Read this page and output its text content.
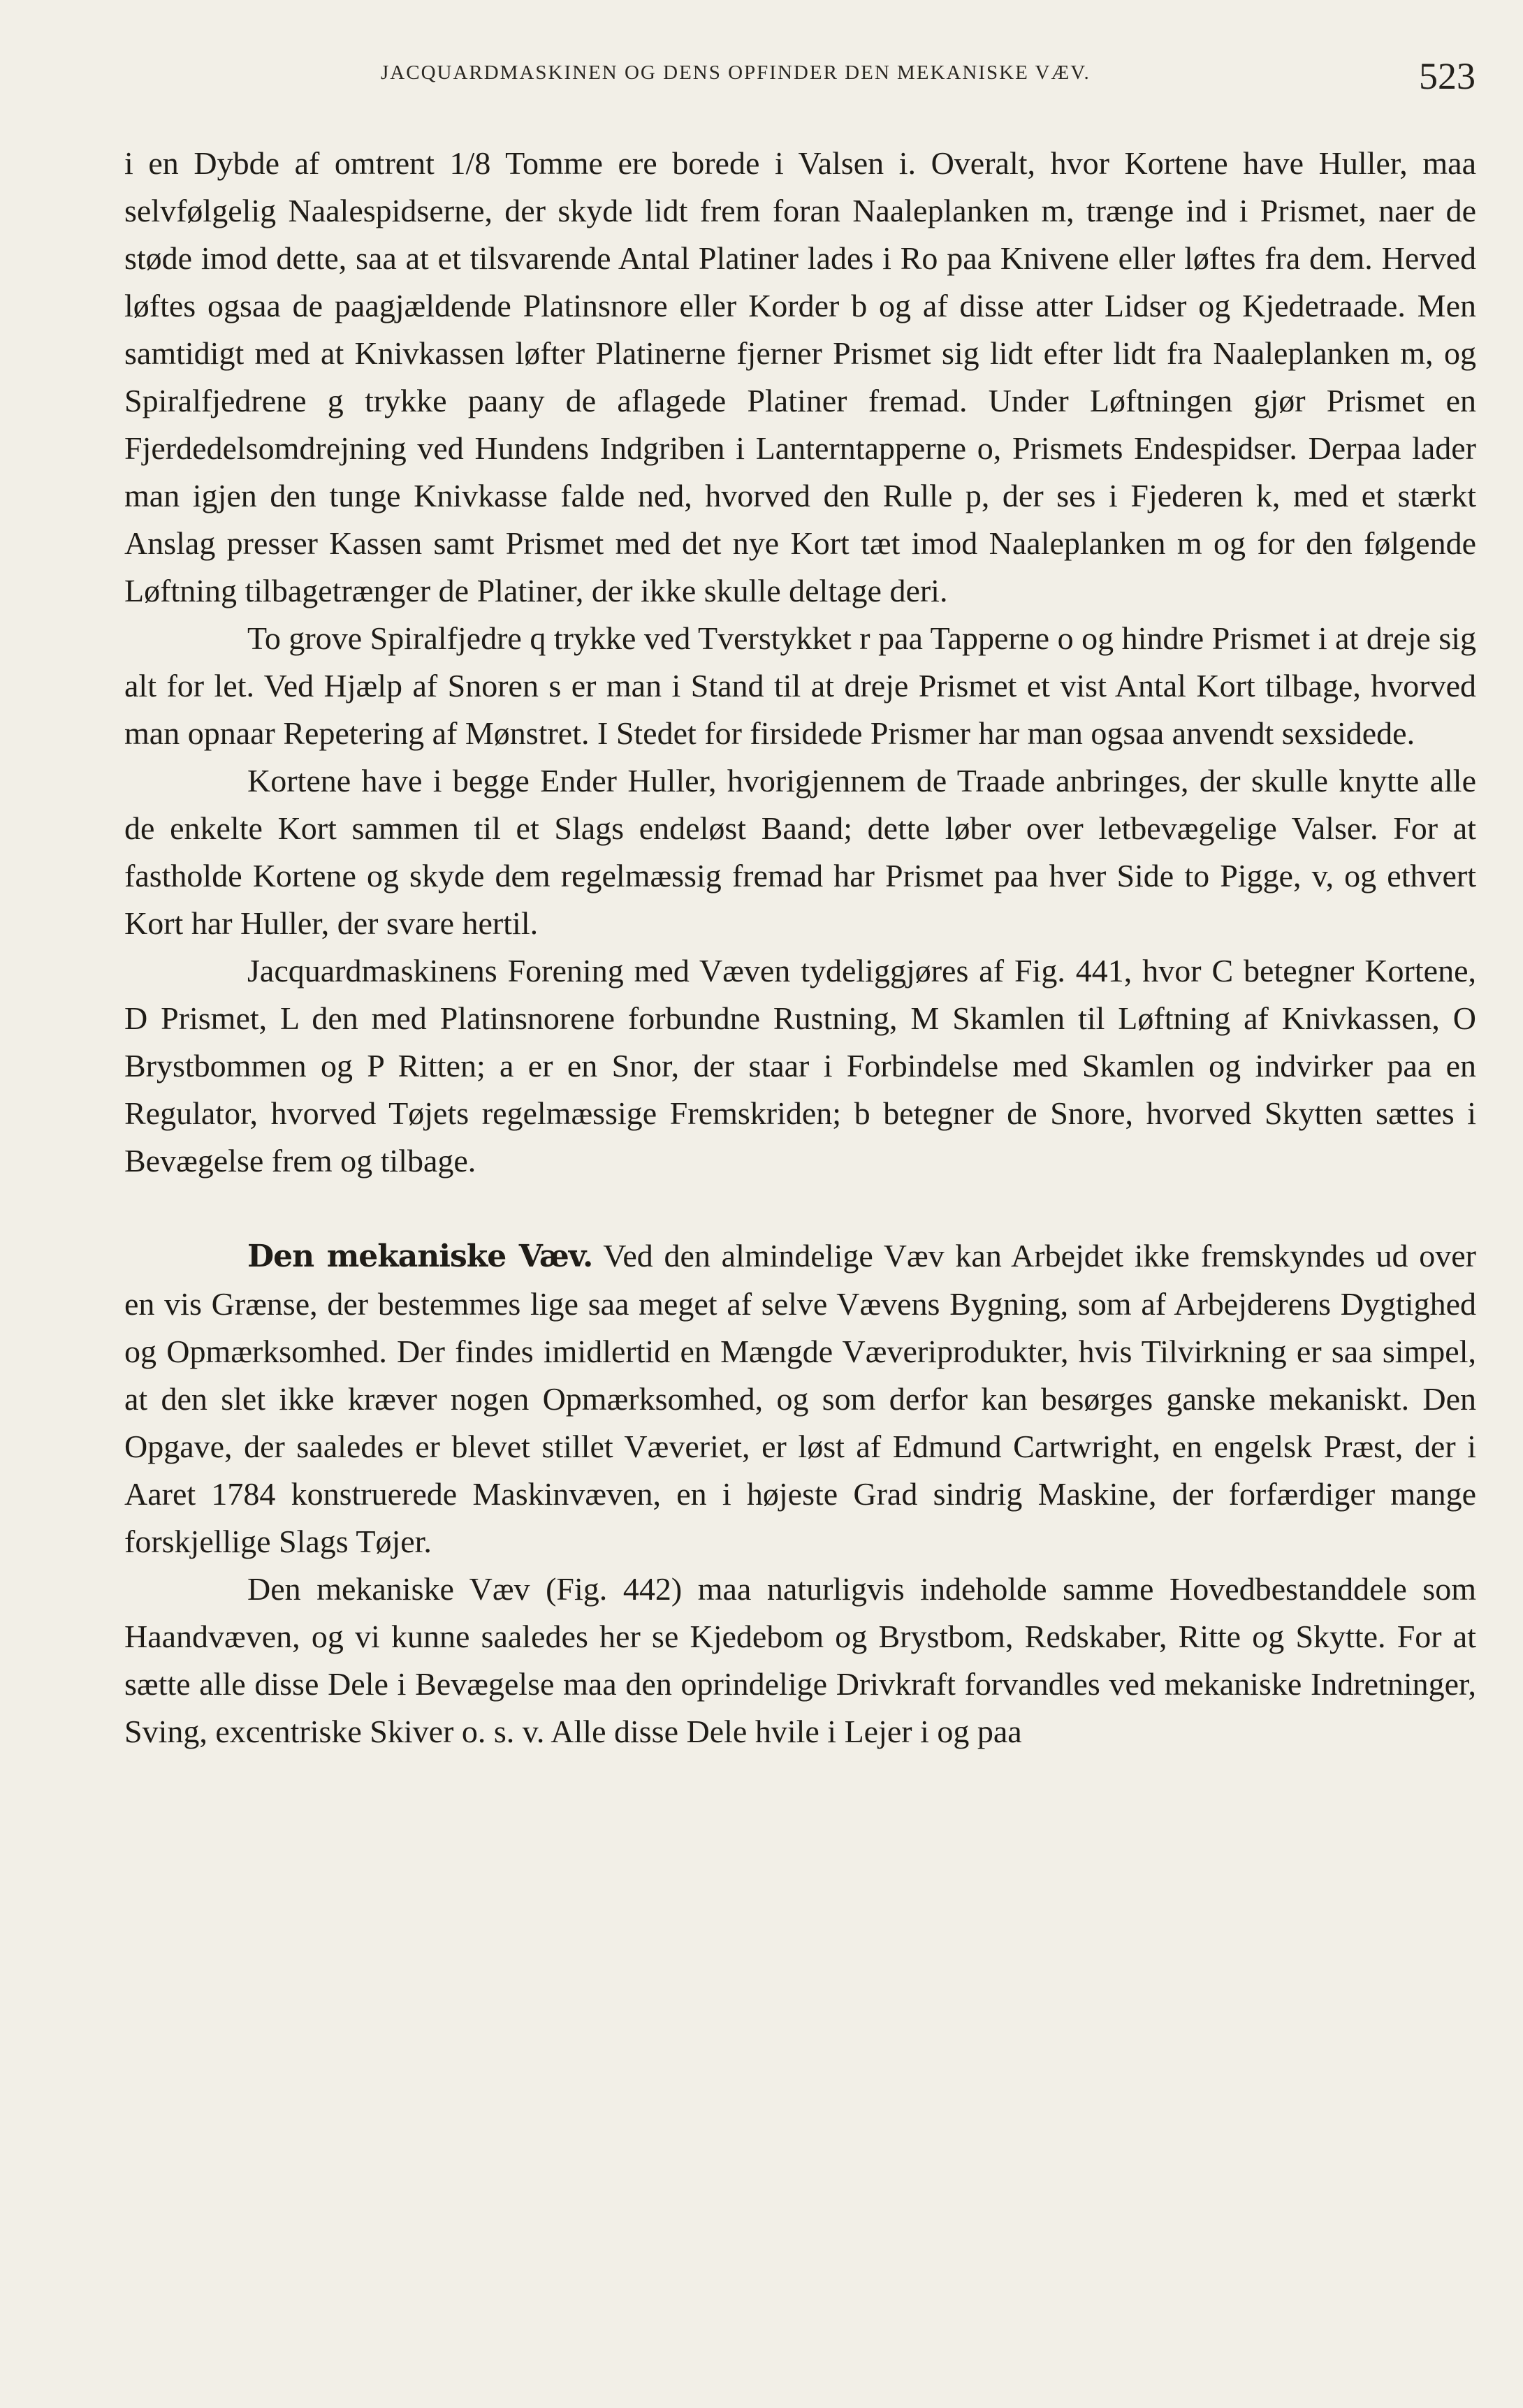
JACQUARDMASKINEN OG DENS OPFINDER DEN MEKANISKE VÆV.	523

i en Dybde af omtrent 1/8 Tomme ere borede i Valsen i. Overalt, hvor Kortene have Huller, maa selvfølgelig Naalespidserne, der skyde lidt frem foran Naaleplanken m, trænge ind i Prismet, naer de støde imod dette, saa at et tilsvarende Antal Platiner lades i Ro paa Knivene eller løftes fra dem. Herved løftes ogsaa de paagjældende Platinsnore eller Korder b og af disse atter Lidser og Kjedetraade. Men samtidigt med at Knivkassen løfter Platinerne fjerner Prismet sig lidt efter lidt fra Naaleplanken m, og Spiralfjedrene g trykke paany de aflagede Platiner fremad. Under Løftningen gjør Prismet en Fjerdedelsomdrejning ved Hundens Indgriben i Lanterntapperne o, Prismets Endespidser. Derpaa lader man igjen den tunge Knivkasse falde ned, hvorved den Rulle p, der ses i Fjederen k, med et stærkt Anslag presser Kassen samt Prismet med det nye Kort tæt imod Naaleplanken m og for den følgende Løftning tilbagetrænger de Platiner, der ikke skulle deltage deri.

To grove Spiralfjedre q trykke ved Tverstykket r paa Tapperne o og hindre Prismet i at dreje sig alt for let. Ved Hjælp af Snoren s er man i Stand til at dreje Prismet et vist Antal Kort tilbage, hvorved man opnaar Repetering af Mønstret. I Stedet for firsidede Prismer har man ogsaa anvendt sexsidede.

Kortene have i begge Ender Huller, hvorigjennem de Traade anbringes, der skulle knytte alle de enkelte Kort sammen til et Slags endeløst Baand; dette løber over letbevægelige Valser. For at fastholde Kortene og skyde dem regelmæssig fremad har Prismet paa hver Side to Pigge, v, og ethvert Kort har Huller, der svare hertil.

Jacquardmaskinens Forening med Væven tydeliggjøres af Fig. 441, hvor C betegner Kortene, D Prismet, L den med Platinsnorene forbundne Rustning, M Skamlen til Løftning af Knivkassen, O Brystbommen og P Ritten; a er en Snor, der staar i Forbindelse med Skamlen og indvirker paa en Regulator, hvorved Tøjets regelmæssige Fremskriden; b betegner de Snore, hvorved Skytten sættes i Bevægelse frem og tilbage.

Den mekaniske Væv. Ved den almindelige Væv kan Arbejdet ikke fremskyndes ud over en vis Grænse, der bestemmes lige saa meget af selve Vævens Bygning, som af Arbejderens Dygtighed og Opmærksomhed. Der findes imidlertid en Mængde Væveriprodukter, hvis Tilvirkning er saa simpel, at den slet ikke kræver nogen Opmærksomhed, og som derfor kan besørges ganske mekaniskt. Den Opgave, der saaledes er blevet stillet Væveriet, er løst af Edmund Cartwright, en engelsk Præst, der i Aaret 1784 konstruerede Maskinvæven, en i højeste Grad sindrig Maskine, der forfærdiger mange forskjellige Slags Tøjer.

Den mekaniske Væv (Fig. 442) maa naturligvis indeholde samme Hovedbestanddele som Haandvæven, og vi kunne saaledes her se Kjedebom og Brystbom, Redskaber, Ritte og Skytte. For at sætte alle disse Dele i Bevægelse maa den oprindelige Drivkraft forvandles ved mekaniske Indretninger, Sving, excentriske Skiver o. s. v. Alle disse Dele hvile i Lejer i og paa
